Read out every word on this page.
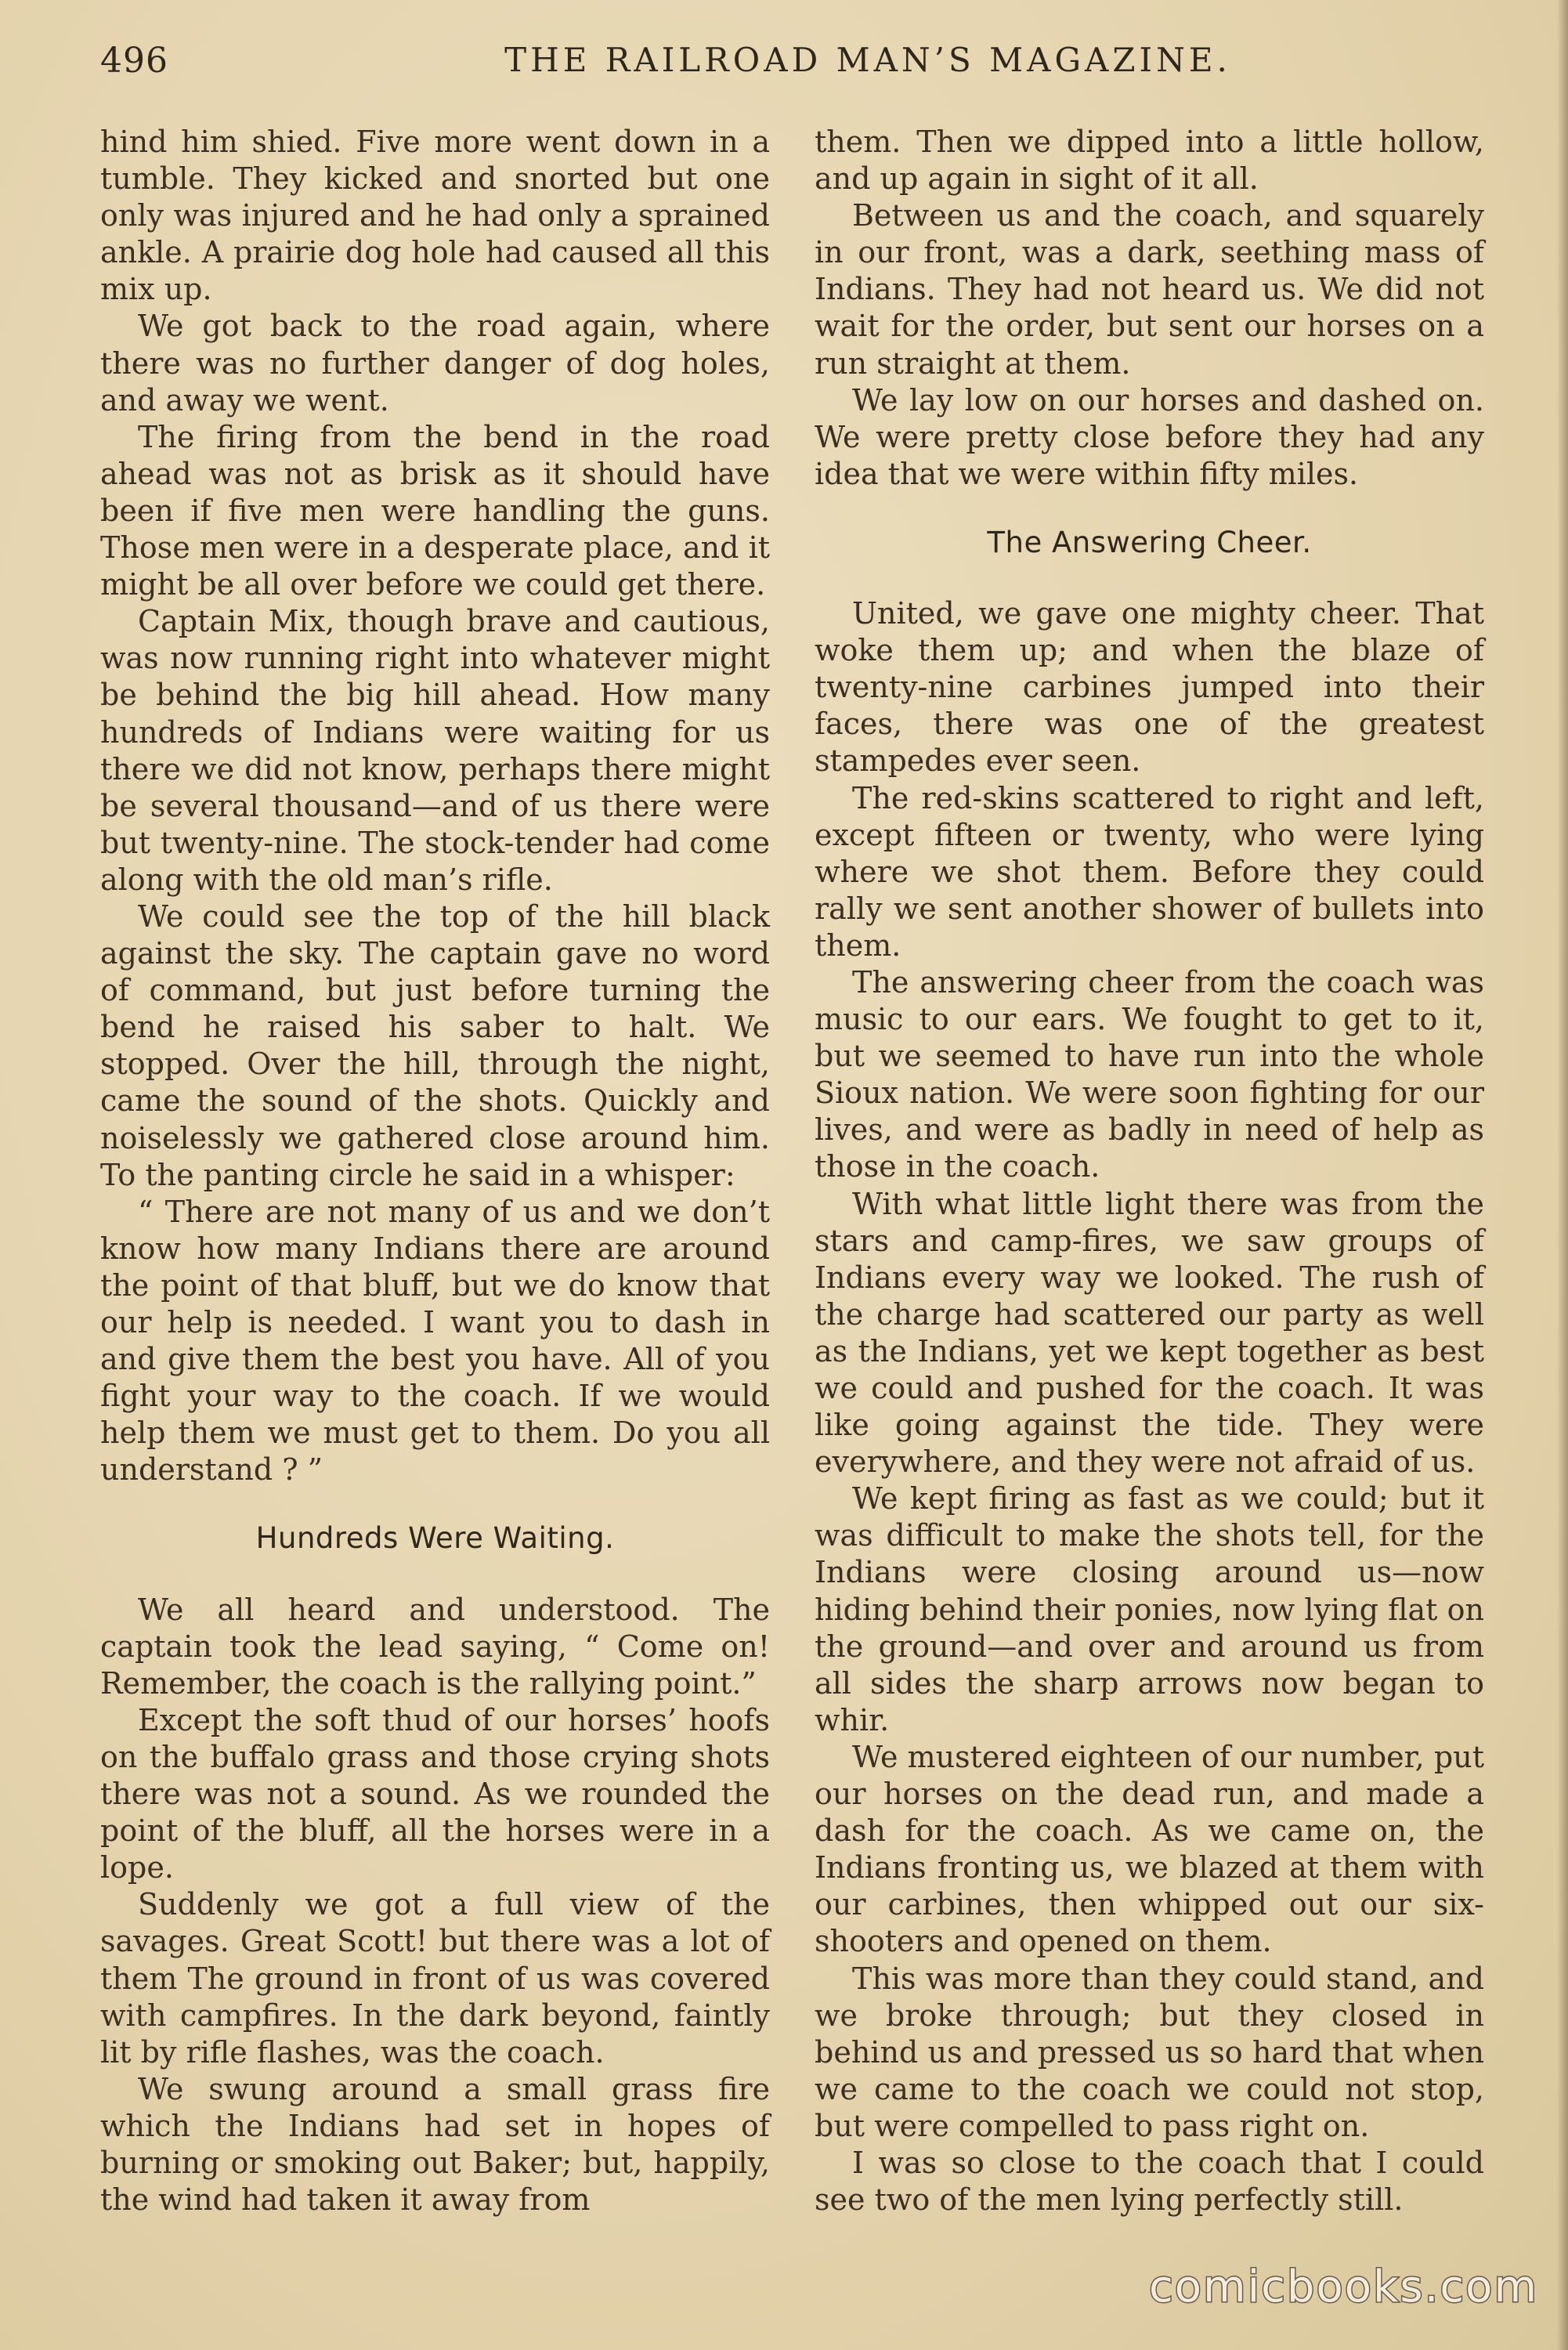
496	THE RAILROAD MAN’S MAGAZINE.

hind him shied. Five more went down in a tumble. They kicked and snorted but one only was injured and he had only a sprained ankle. A prairie dog hole had caused all this mix up.

We got back to the road again, where there was no further danger of dog holes, and away we went.

The firing from the bend in the road ahead was not as brisk as it should have been if five men were handling the guns. Those men were in a desperate place, and it might be all over before we could get there.

Captain Mix, though brave and cautious, was now running right into whatever might be behind the big hill ahead. How many hundreds of Indians were waiting for us there we did not know, perhaps there might be several thousand—and of us there were but twenty-nine. The stock-tender had come along with the old man’s rifle.

We could see the top of the hill black against the sky. The captain gave no word of command, but just before turning the bend he raised his saber to halt. We stopped. Over the hill, through the night, came the sound of the shots. Quickly and noiselessly we gathered close around him. To the panting circle he said in a whisper:

“ There are not many of us and we don’t know how many Indians there are around the point of that bluff, but we do know that our help is needed. I want you to dash in and give them the best you have. All of you fight your way to the coach. If we would help them we must get to them. Do you all understand ? ”

Hundreds Were Waiting.

We all heard and understood. The captain took the lead saying, “ Come on! Remember, the coach is the rallying point.”

Except the soft thud of our horses’ hoofs on the buffalo grass and those crying shots there was not a sound. As we rounded the point of the bluff, all the horses were in a lope.

Suddenly we got a full view of the savages. Great Scott! but there was a lot of them The ground in front of us was covered with campfires. In the dark beyond, faintly lit by rifle flashes, was the coach.

We swung around a small grass fire which the Indians had set in hopes of burning or smoking out Baker; but, happily, the wind had taken it away from

them. Then we dipped into a little hollow, and up again in sight of it all.

Between us and the coach, and squarely in our front, was a dark, seething mass of Indians. They had not heard us. We did not wait for the order, but sent our horses on a run straight at them.

We lay low on our horses and dashed on. We were pretty close before they had any idea that we were within fifty miles.

The Answering Cheer.

United, we gave one mighty cheer. That woke them up; and when the blaze of twenty-nine carbines jumped into their faces, there was one of the greatest stampedes ever seen.

The red-skins scattered to right and left, except fifteen or twenty, who were lying where we shot them. Before they could rally we sent another shower of bullets into them.

The answering cheer from the coach was music to our ears. We fought to get to it, but we seemed to have run into the whole Sioux nation. We were soon fighting for our lives, and were as badly in need of help as those in the coach.

With what little light there was from the stars and camp-fires, we saw groups of Indians every way we looked. The rush of the charge had scattered our party as well as the Indians, yet we kept together as best we could and pushed for the coach. It was like going against the tide. They were everywhere, and they were not afraid of us.

We kept firing as fast as we could; but it was difficult to make the shots tell, for the Indians were closing around us—now hiding behind their ponies, now lying flat on the ground—and over and around us from all sides the sharp arrows now began to whir.

We mustered eighteen of our number, put our horses on the dead run, and made a dash for the coach. As we came on, the Indians fronting us, we blazed at them with our carbines, then whipped out our six-shooters and opened on them.

This was more than they could stand, and we broke through; but they closed in behind us and pressed us so hard that when we came to the coach we could not stop, but were compelled to pass right on.

I was so close to the coach that I could see two of the men lying perfectly still.

comicbooks.com
